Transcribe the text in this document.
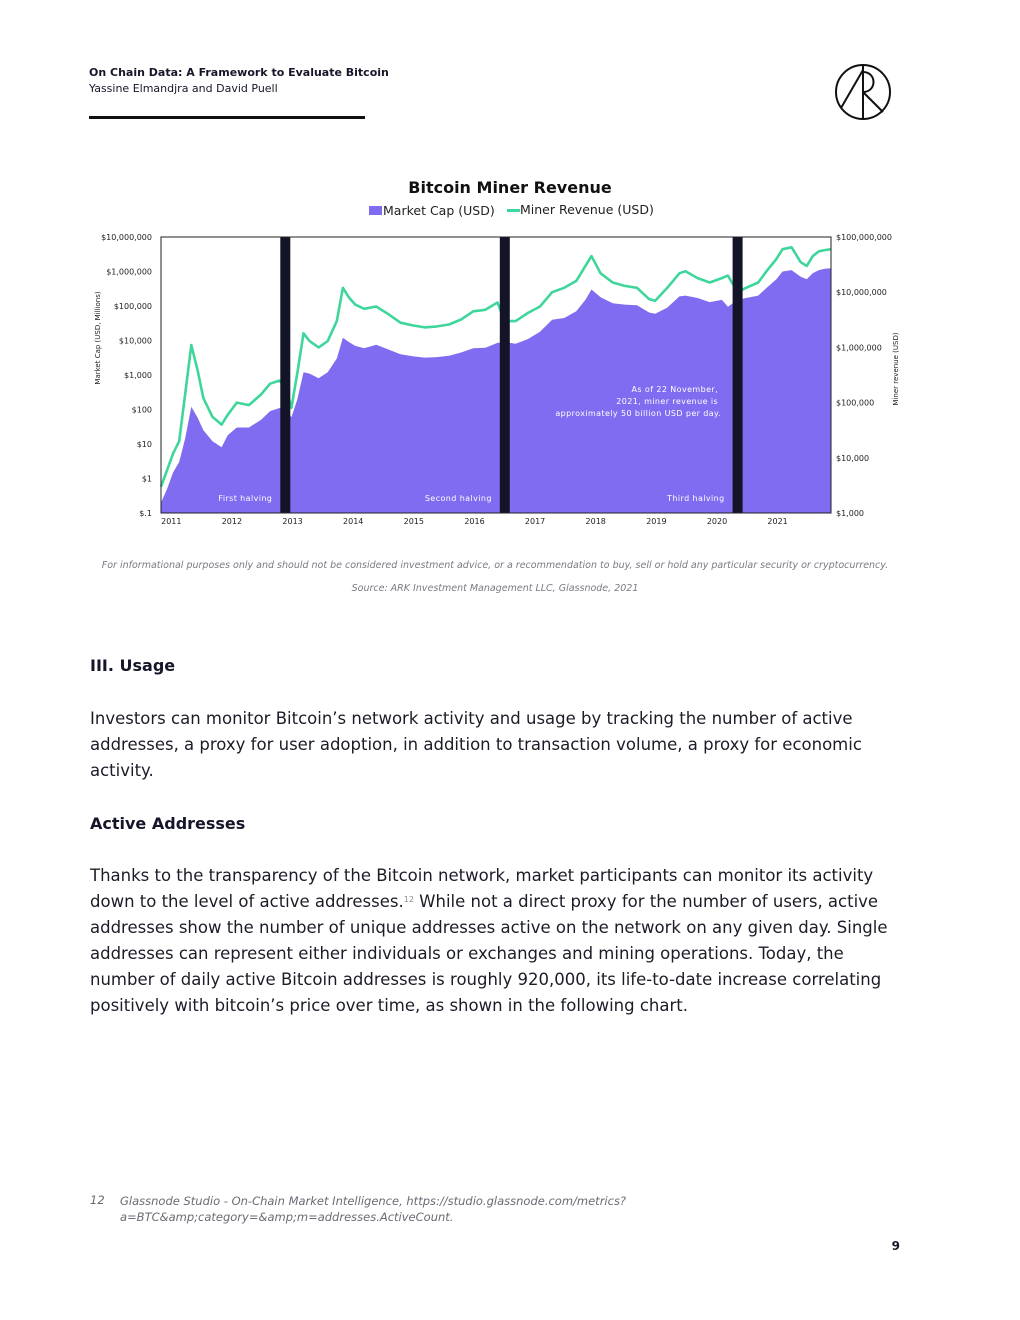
On Chain Data: A Framework to Evaluate Bitcoin
Yassine Elmandjra and David Puell
Bitcoin Miner Revenue
Market Cap (USD) Miner Revenue (USD)
First halving	Second halving	Third halving
$.1
$1
$10
$100
$1,000
$10,000
$100,000
$1,000,000
$10,000,000
$1,000
$10,000
$100,000
$1,000,000
$10,000,000
$100,000,000
2011	2012	2013	2014	2015	2016	2017	2018	2019	2020	2021
Market Cap (USD, Millions)	Miner revenue (USD)
As of 22 November, 2021, miner revenue is approximately 50 billion USD per day.
For informational purposes only and should not be considered investment advice, or a recommendation to buy, sell or hold any particular security or cryptocurrency.
Source: ARK Investment Management LLC, Glassnode, 2021
III. Usage
Investors can monitor Bitcoin’s network activity and usage by tracking the number of active addresses, a proxy for user adoption, in addition to transaction volume, a proxy for economic activity.
Active Addresses
Thanks to the transparency of the Bitcoin network, market participants can monitor its activity down to the level of active addresses.$^{12}$ While not a direct proxy for the number of users, active addresses show the number of unique addresses active on the network on any given day. Single addresses can represent either individuals or exchanges and mining operations. Today, the number of daily active Bitcoin addresses is roughly 920,000, its life-to-date increase correlating positively with bitcoin’s price over time, as shown in the following chart.
12 Glassnode Studio - On-Chain Market Intelligence, https://studio.glassnode.com/metrics?a=BTC&amp;category=&amp;m=addresses.ActiveCount.
9
